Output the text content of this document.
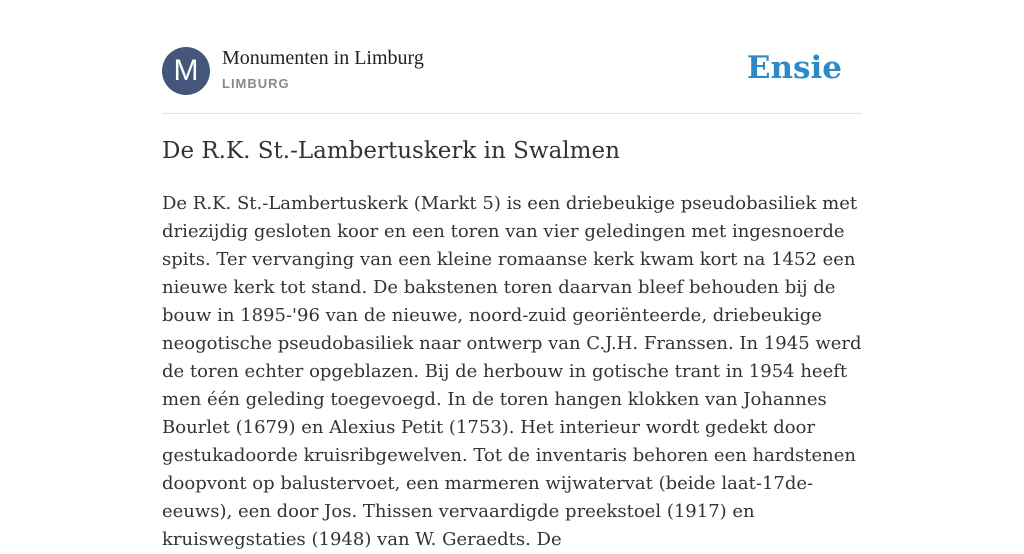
M	Monumenten in Limburg
LIMBURG	Ensie
De R.K. St.-Lambertuskerk in Swalmen

De R.K. St.-Lambertuskerk (Markt 5) is een driebeukige pseudobasiliek met driezijdig gesloten koor en een toren van vier geledingen met ingesnoerde spits. Ter vervanging van een kleine romaanse kerk kwam kort na 1452 een nieuwe kerk tot stand. De bakstenen toren daarvan bleef behouden bij de bouw in 1895-'96 van de nieuwe, noord-zuid georiënteerde, driebeukige neogotische pseudobasiliek naar ontwerp van C.J.H. Franssen. In 1945 werd de toren echter opgeblazen. Bij de herbouw in gotische trant in 1954 heeft men één geleding toegevoegd. In de toren hangen klokken van Johannes Bourlet (1679) en Alexius Petit (1753). Het interieur wordt gedekt door gestukadoorde kruisribgewelven. Tot de inventaris behoren een hardstenen doopvont op balustervoet, een marmeren wijwatervat (beide laat-17de-eeuws), een door Jos. Thissen vervaardigde preekstoel (1917) en kruiswegstaties (1948) van W. Geraedts. De
